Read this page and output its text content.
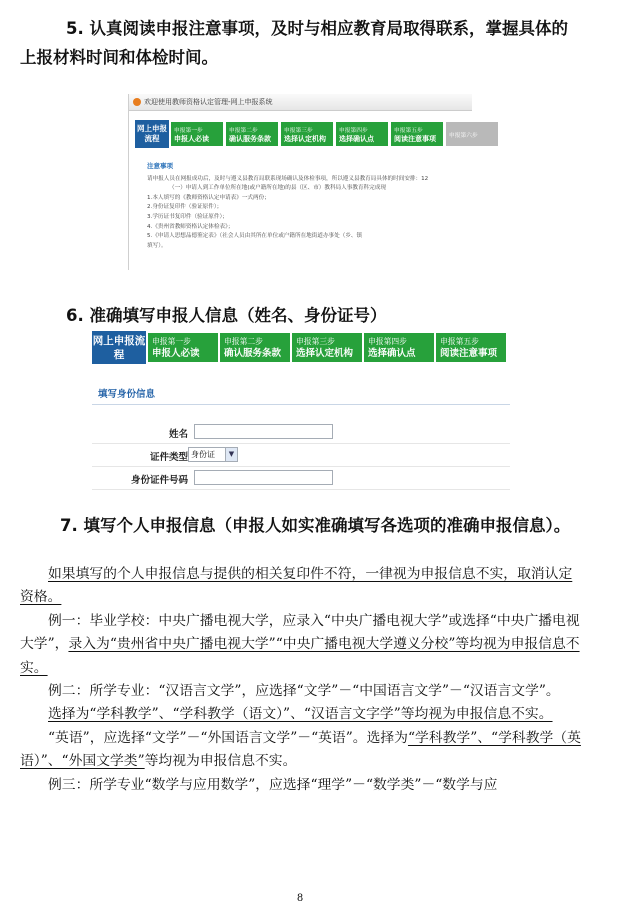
5. 认真阅读申报注意事项，及时与相应教育局取得联系，掌握具体的上报材料时间和体检时间。
欢迎使用教师资格认定管理-网上申报系统
网上申报流程
申报第一步
申报人必读
申报第二步
确认服务条款
申报第三步
选择认定机构
申报第四步
选择确认点
申报第五步
阅读注意事项	申报第六步
注意事项

请申报人员在网报成功后，及时与遵义县教育局联系现场确认及体检事项，所以遵义县教育局具体的时间安排：12

（一）申请人到工作单位所在地(或户籍所在地)的县（区、市）教科局人事教育科完成现

1.本人填写的《教师资格认定申请表》一式两份；

2.身份证复印件（验证原件）；

3.学历证书复印件（验证原件）；

4.《贵州省教师资格认定体检表》；

5.《申请人思想品德鉴定表》（社会人员由其所在单位或户籍所在地街道办事处（乡、镇

填写）。

6. 准确填写申报人信息（姓名、身份证号）
网上申报流程
申报第一步
申报人必读
申报第二步
确认服务条款
申报第三步
选择认定机构
申报第四步
选择确认点
申报第五步
阅读注意事项
填写身份信息
姓名
证件类型 身份证	▼
身份证件号码
7. 填写个人申报信息（申报人如实准确填写各选项的准确申报信息）。

如果填写的个人申报信息与提供的相关复印件不符，一律视为申报信息不实，取消认定资格。

例一：毕业学校：中央广播电视大学，应录入“中央广播电视大学”或选择“中央广播电视大学”，录入为“贵州省中央广播电视大学”“中央广播电视大学遵义分校”等均视为申报信息不实。

例二：所学专业：“汉语言文学”，应选择“文学”－“中国语言文学”－“汉语言文学”。

选择为“学科教学”、“学科教学（语文）”、“汉语言文字学”等均视为申报信息不实。

“英语”，应选择“文学”－“外国语言文学”－“英语”。选择为“学科教学”、“学科教学（英语）”、“外国文学类”等均视为申报信息不实。

例三：所学专业“数学与应用数学”，应选择“理学”－“数学类”－“数学与应

8
